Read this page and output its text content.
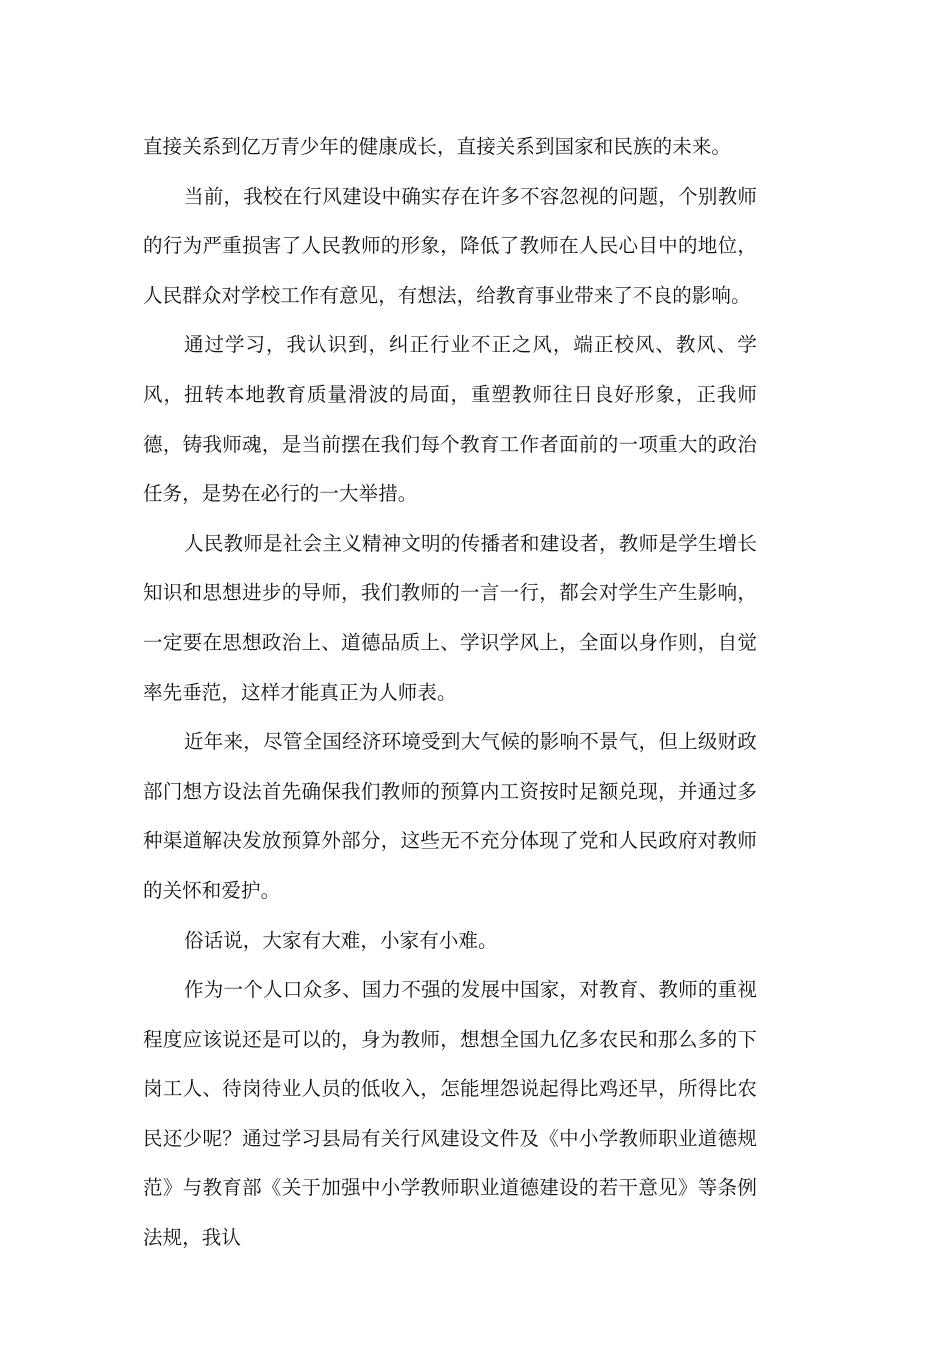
直接关系到亿万青少年的健康成长，直接关系到国家和民族的未来。

当前，我校在行风建设中确实存在许多不容忽视的问题，个别教师的行为严重损害了人民教师的形象，降低了教师在人民心目中的地位，人民群众对学校工作有意见，有想法，给教育事业带来了不良的影响。

通过学习，我认识到，纠正行业不正之风，端正校风、教风、学风，扭转本地教育质量滑波的局面，重塑教师往日良好形象，正我师德，铸我师魂，是当前摆在我们每个教育工作者面前的一项重大的政治任务，是势在必行的一大举措。

人民教师是社会主义精神文明的传播者和建设者，教师是学生增长知识和思想进步的导师，我们教师的一言一行，都会对学生产生影响，一定要在思想政治上、道德品质上、学识学风上，全面以身作则，自觉率先垂范，这样才能真正为人师表。

近年来，尽管全国经济环境受到大气候的影响不景气，但上级财政部门想方设法首先确保我们教师的预算内工资按时足额兑现，并通过多种渠道解决发放预算外部分，这些无不充分体现了党和人民政府对教师的关怀和爱护。

俗话说，大家有大难，小家有小难。

作为一个人口众多、国力不强的发展中国家，对教育、教师的重视程度应该说还是可以的，身为教师，想想全国九亿多农民和那么多的下岗工人、待岗待业人员的低收入，怎能埋怨说起得比鸡还早，所得比农民还少呢？通过学习县局有关行风建设文件及《中小学教师职业道德规范》与教育部《关于加强中小学教师职业道德建设的若干意见》等条例法规，我认
